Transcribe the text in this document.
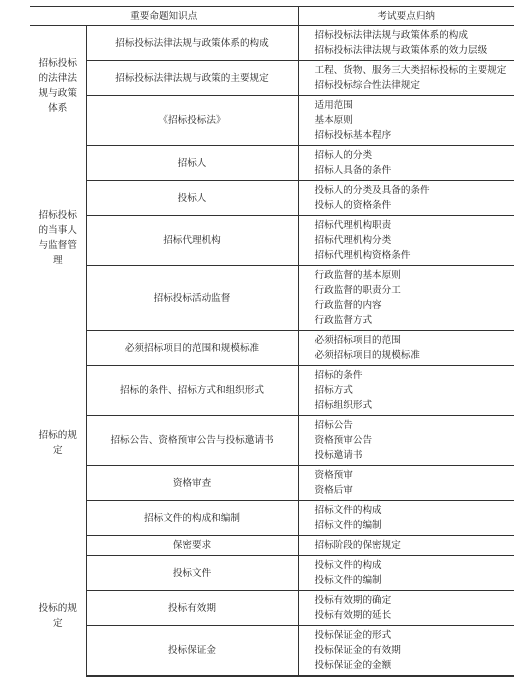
重要命题知识点		考试要点归纳
招标投标的法律法规与政策体系	招标投标法律法规与政策体系的构成	招标投标法律法规与政策体系的构成
招标投标法律法规与政策体系的效力层级

	招标投标法律法规与政策的主要规定	工程、货物、服务三大类招标投标的主要规定
招标投标综合性法律规定

	《招标投标法》	适用范围
基本原则
招标投标基本程序

招标投标的当事人与监督管理	招标人	招标人的分类
招标人具备的条件

	投标人	投标人的分类及具备的条件
投标人的资格条件

	招标代理机构	招标代理机构职责
招标代理机构分类
招标代理机构资格条件

	招标投标活动监督	行政监督的基本原则
行政监督的职责分工
行政监督的内容
行政监督方式

招标的规定	必须招标项目的范围和规模标准	必须招标项目的范围
必须招标项目的规模标准

	招标的条件、招标方式和组织形式	招标的条件
招标方式
招标组织形式

	招标公告、资格预审公告与投标邀请书	招标公告
资格预审公告
投标邀请书

	资格审查	资格预审
资格后审

	招标文件的构成和编制	招标文件的构成
招标文件的编制

	保密要求	招标阶段的保密规定

投标的规定	投标文件	投标文件的构成
投标文件的编制

	投标有效期	投标有效期的确定
投标有效期的延长

	投标保证金	投标保证金的形式
投标保证金的有效期
投标保证金的金额
